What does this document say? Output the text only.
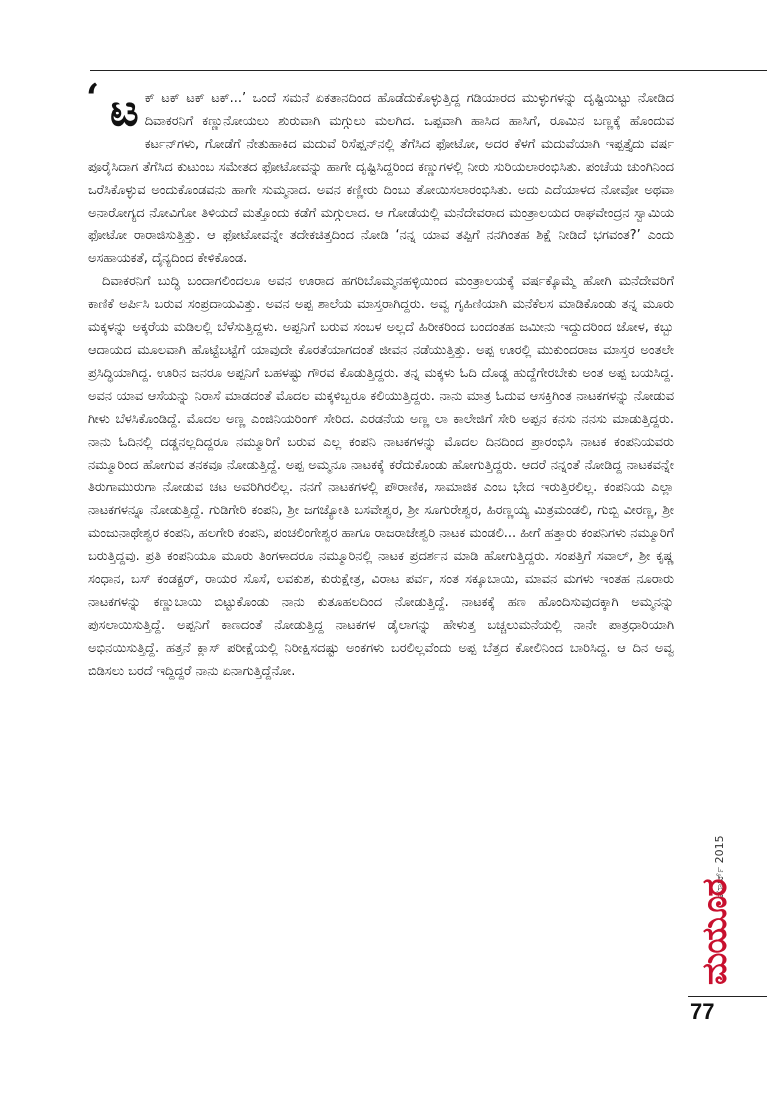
‘ ಟ ಕ್ ಟಕ್ ಟಕ್ ಟಕ್...’ ಒಂದೆ ಸಮನೆ ಏಕತಾನದಿಂದ ಹೊಡೆದುಕೊಳ್ಳುತ್ತಿದ್ದ ಗಡಿಯಾರದ ಮುಳ್ಳುಗಳನ್ನು ದೃಷ್ಟಿಯಿಟ್ಟು ನೋಡಿದ ದಿವಾಕರನಿಗೆ ಕಣ್ಣುನೋಯಲು ಶುರುವಾಗಿ ಮಗ್ಗುಲು ಮಲಗಿದ. ಒಪ್ಪವಾಗಿ ಹಾಸಿದ ಹಾಸಿಗೆ, ರೂಮಿನ ಬಣ್ಣಕ್ಕೆ ಹೊಂದುವ ಕರ್ಟನ್‌ಗಳು, ಗೋಡೆಗೆ ನೇತುಹಾಕಿದ ಮದುವೆ ರಿಸೆಪ್ಷನ್‌ನಲ್ಲಿ ತೆಗೆಸಿದ ಫೋಟೋ, ಅದರ ಕೆಳಗೆ ಮದುವೆಯಾಗಿ ಇಪ್ಪತ್ತೈದು ವರ್ಷ ಪೂರೈಸಿದಾಗ ತೆಗೆಸಿದ ಕುಟುಂಬ ಸಮೇತದ ಫೋಟೋವನ್ನು ಹಾಗೇ ದೃಷ್ಟಿಸಿದ್ದರಿಂದ ಕಣ್ಣುಗಳಲ್ಲಿ ನೀರು ಸುರಿಯಲಾರಂಭಿಸಿತು. ಪಂಚೆಯ ಚುಂಗಿನಿಂದ ಒರೆಸಿಕೊಳ್ಳುವ ಅಂದುಕೊಂಡವನು ಹಾಗೇ ಸುಮ್ಮನಾದ. ಅವನ ಕಣ್ಣೀರು ದಿಂಬು ತೋಯಿಸಲಾರಂಭಿಸಿತು. ಅದು ಎದೆಯಾಳದ ನೋವೋ ಅಥವಾ ಅನಾರೋಗ್ಯದ ನೋವಿಗೋ ತಿಳಿಯದೆ ಮತ್ತೊಂದು ಕಡೆಗೆ ಮಗ್ಗುಲಾದ. ಆ ಗೋಡೆಯಲ್ಲಿ ಮನೆದೇವರಾದ ಮಂತ್ರಾಲಯದ ರಾಘವೇಂದ್ರನ ಸ್ವಾಮಿಯ ಫೋಟೋ ರಾರಾಜಿಸುತ್ತಿತ್ತು. ಆ ಫೋಟೋವನ್ನೇ ತದೇಕಚಿತ್ತದಿಂದ ನೋಡಿ ‘ನನ್ನ ಯಾವ ತಪ್ಪಿಗೆ ನನಗಿಂತಹ ಶಿಕ್ಷೆ ನೀಡಿದೆ ಭಗವಂತ?’ ಎಂದು ಅಸಹಾಯಕತೆ, ದೈನ್ಯದಿಂದ ಕೇಳಿಕೊಂಡ.

ದಿವಾಕರನಿಗೆ ಬುದ್ಧಿ ಬಂದಾಗಲಿಂದಲೂ ಅವನ ಊರಾದ ಹಗರಿಬೊಮ್ಮನಹಳ್ಳಿಯಿಂದ ಮಂತ್ರಾಲಯಕ್ಕೆ ವರ್ಷಕ್ಕೊಮ್ಮೆ ಹೋಗಿ ಮನೆದೇವರಿಗೆ ಕಾಣಿಕೆ ಅರ್ಪಿಸಿ ಬರುವ ಸಂಪ್ರದಾಯವಿತ್ತು. ಅವನ ಅಪ್ಪ ಶಾಲೆಯ ಮಾಸ್ತರಾಗಿದ್ದರು. ಅವ್ವ ಗೃಹಿಣಿಯಾಗಿ ಮನೆಕೆಲಸ ಮಾಡಿಕೊಂಡು ತನ್ನ ಮೂರು ಮಕ್ಕಳನ್ನು ಅಕ್ಕರೆಯ ಮಡಿಲಲ್ಲಿ ಬೆಳೆಸುತ್ತಿದ್ದಳು. ಅಪ್ಪನಿಗೆ ಬರುವ ಸಂಬಳ ಅಲ್ಲದೆ ಹಿರೀಕರಿಂದ ಬಂದಂತಹ ಜಮೀನು ಇದ್ದುದರಿಂದ ಜೋಳ, ಕಬ್ಬು ಆದಾಯದ ಮೂಲವಾಗಿ ಹೊಟ್ಟೆಬಟ್ಟೆಗೆ ಯಾವುದೇ ಕೊರತೆಯಾಗದಂತೆ ಜೀವನ ನಡೆಯುತ್ತಿತ್ತು. ಅಪ್ಪ ಊರಲ್ಲಿ ಮುಕುಂದರಾಜ ಮಾಸ್ತರ ಅಂತಲೇ ಪ್ರಸಿದ್ಧಿಯಾಗಿದ್ದ. ಊರಿನ ಜನರೂ ಅಪ್ಪನಿಗೆ ಬಹಳಷ್ಟು ಗೌರವ ಕೊಡುತ್ತಿದ್ದರು. ತನ್ನ ಮಕ್ಕಳು ಓದಿ ದೊಡ್ಡ ಹುದ್ದೆಗೇರಬೇಕು ಅಂತ ಅಪ್ಪ ಬಯಸಿದ್ದ. ಅವನ ಯಾವ ಆಸೆಯನ್ನು ನಿರಾಸೆ ಮಾಡದಂತೆ ಮೊದಲ ಮಕ್ಕಳಿಬ್ಬರೂ ಕಲಿಯುತ್ತಿದ್ದರು. ನಾನು ಮಾತ್ರ ಓದುವ ಆಸಕ್ತಿಗಿಂತ ನಾಟಕಗಳನ್ನು ನೋಡುವ ಗೀಳು ಬೆಳಸಿಕೊಂಡಿದ್ದೆ. ಮೊದಲ ಅಣ್ಣ ಎಂಜಿನಿಯರಿಂಗ್ ಸೇರಿದ. ಎರಡನೆಯ ಅಣ್ಣ ಲಾ ಕಾಲೇಜಿಗೆ ಸೇರಿ ಅಪ್ಪನ ಕನಸು ನನಸು ಮಾಡುತ್ತಿದ್ದರು. ನಾನು ಓದಿನಲ್ಲಿ ದಡ್ಡನಲ್ಲದಿದ್ದರೂ ನಮ್ಮೂರಿಗೆ ಬರುವ ಎಲ್ಲ ಕಂಪನಿ ನಾಟಕಗಳನ್ನು ಮೊದಲ ದಿನದಿಂದ ಪ್ರಾರಂಭಿಸಿ ನಾಟಕ ಕಂಪನಿಯವರು ನಮ್ಮೂರಿಂದ ಹೋಗುವ ತನಕವೂ ನೋಡುತ್ತಿದ್ದೆ. ಅಪ್ಪ ಅಮ್ಮನೂ ನಾಟಕಕ್ಕೆ ಕರೆದುಕೊಂಡು ಹೋಗುತ್ತಿದ್ದರು. ಆದರೆ ನನ್ನಂತೆ ನೋಡಿದ್ದ ನಾಟಕವನ್ನೇ ತಿರುಗಾಮುರುಗಾ ನೋಡುವ ಚಟ ಅವರಿಗಿರಲಿಲ್ಲ. ನನಗೆ ನಾಟಕಗಳಲ್ಲಿ ಪೌರಾಣಿಕ, ಸಾಮಾಜಿಕ ಎಂಬ ಭೇದ ಇರುತ್ತಿರಲಿಲ್ಲ. ಕಂಪನಿಯ ಎಲ್ಲಾ ನಾಟಕಗಳನ್ನೂ ನೋಡುತ್ತಿದ್ದೆ. ಗುಡಿಗೇರಿ ಕಂಪನಿ, ಶ್ರೀ ಜಗಜ್ಯೋತಿ ಬಸವೇಶ್ವರ, ಶ್ರೀ ಸೂಗುರೇಶ್ವರ, ಹಿರಣ್ಣಯ್ಯ ಮಿತ್ರಮಂಡಲಿ, ಗುಬ್ಬಿ ವೀರಣ್ಣ, ಶ್ರೀ ಮಂಜುನಾಥೇಶ್ವರ ಕಂಪನಿ, ಹಲಗೇರಿ ಕಂಪನಿ, ಪಂಚಲಿಂಗೇಶ್ವರ ಹಾಗೂ ರಾಜರಾಜೇಶ್ವರಿ ನಾಟಕ ಮಂಡಲಿ... ಹೀಗೆ ಹತ್ತಾರು ಕಂಪನಿಗಳು ನಮ್ಮೂರಿಗೆ ಬರುತ್ತಿದ್ದವು. ಪ್ರತಿ ಕಂಪನಿಯೂ ಮೂರು ತಿಂಗಳಾದರೂ ನಮ್ಮೂರಿನಲ್ಲಿ ನಾಟಕ ಪ್ರದರ್ಶನ ಮಾಡಿ ಹೋಗುತ್ತಿದ್ದರು. ಸಂಪತ್ತಿಗೆ ಸವಾಲ್, ಶ್ರೀ ಕೃಷ್ಣ ಸಂಧಾನ, ಬಸ್ ಕಂಡಕ್ಟರ್, ರಾಯರ ಸೊಸೆ, ಲವಕುಶ, ಕುರುಕ್ಷೇತ್ರ, ವಿರಾಟ ಪರ್ವ, ಸಂತ ಸಕ್ಕೂಬಾಯಿ, ಮಾವನ ಮಗಳು ಇಂತಹ ನೂರಾರು ನಾಟಕಗಳನ್ನು ಕಣ್ಣುಬಾಯಿ ಬಿಟ್ಟುಕೊಂಡು ನಾನು ಕುತೂಹಲದಿಂದ ನೋಡುತ್ತಿದ್ದೆ. ನಾಟಕಕ್ಕೆ ಹಣ ಹೊಂದಿಸುವುದಕ್ಕಾಗಿ ಅಮ್ಮನನ್ನು ಪುಸಲಾಯಿಸುತ್ತಿದ್ದೆ. ಅಪ್ಪನಿಗೆ ಕಾಣದಂತೆ ನೋಡುತ್ತಿದ್ದ ನಾಟಕಗಳ ಡೈಲಾಗನ್ನು ಹೇಳುತ್ತ ಬಚ್ಚಲುಮನೆಯಲ್ಲಿ ನಾನೇ ಪಾತ್ರಧಾರಿಯಾಗಿ ಅಭಿನಯಿಸುತ್ತಿದ್ದೆ. ಹತ್ತನೆ ಕ್ಲಾಸ್ ಪರೀಕ್ಷೆಯಲ್ಲಿ ನಿರೀಕ್ಷಿಸದಷ್ಟು ಅಂಕಗಳು ಬರಲಿಲ್ಲವೆಂದು ಅಪ್ಪ ಬೆತ್ತದ ಕೋಲಿನಿಂದ ಬಾರಿಸಿದ್ದ. ಆ ದಿನ ಅವ್ವ ಬಿಡಿಸಲು ಬರದೆ ಇದ್ದಿದ್ದರೆ ನಾನು ಏನಾಗುತ್ತಿದ್ದೆನೋ.

ಮಾರ್ಚ್ 2015
ಮಯೂರ
77
